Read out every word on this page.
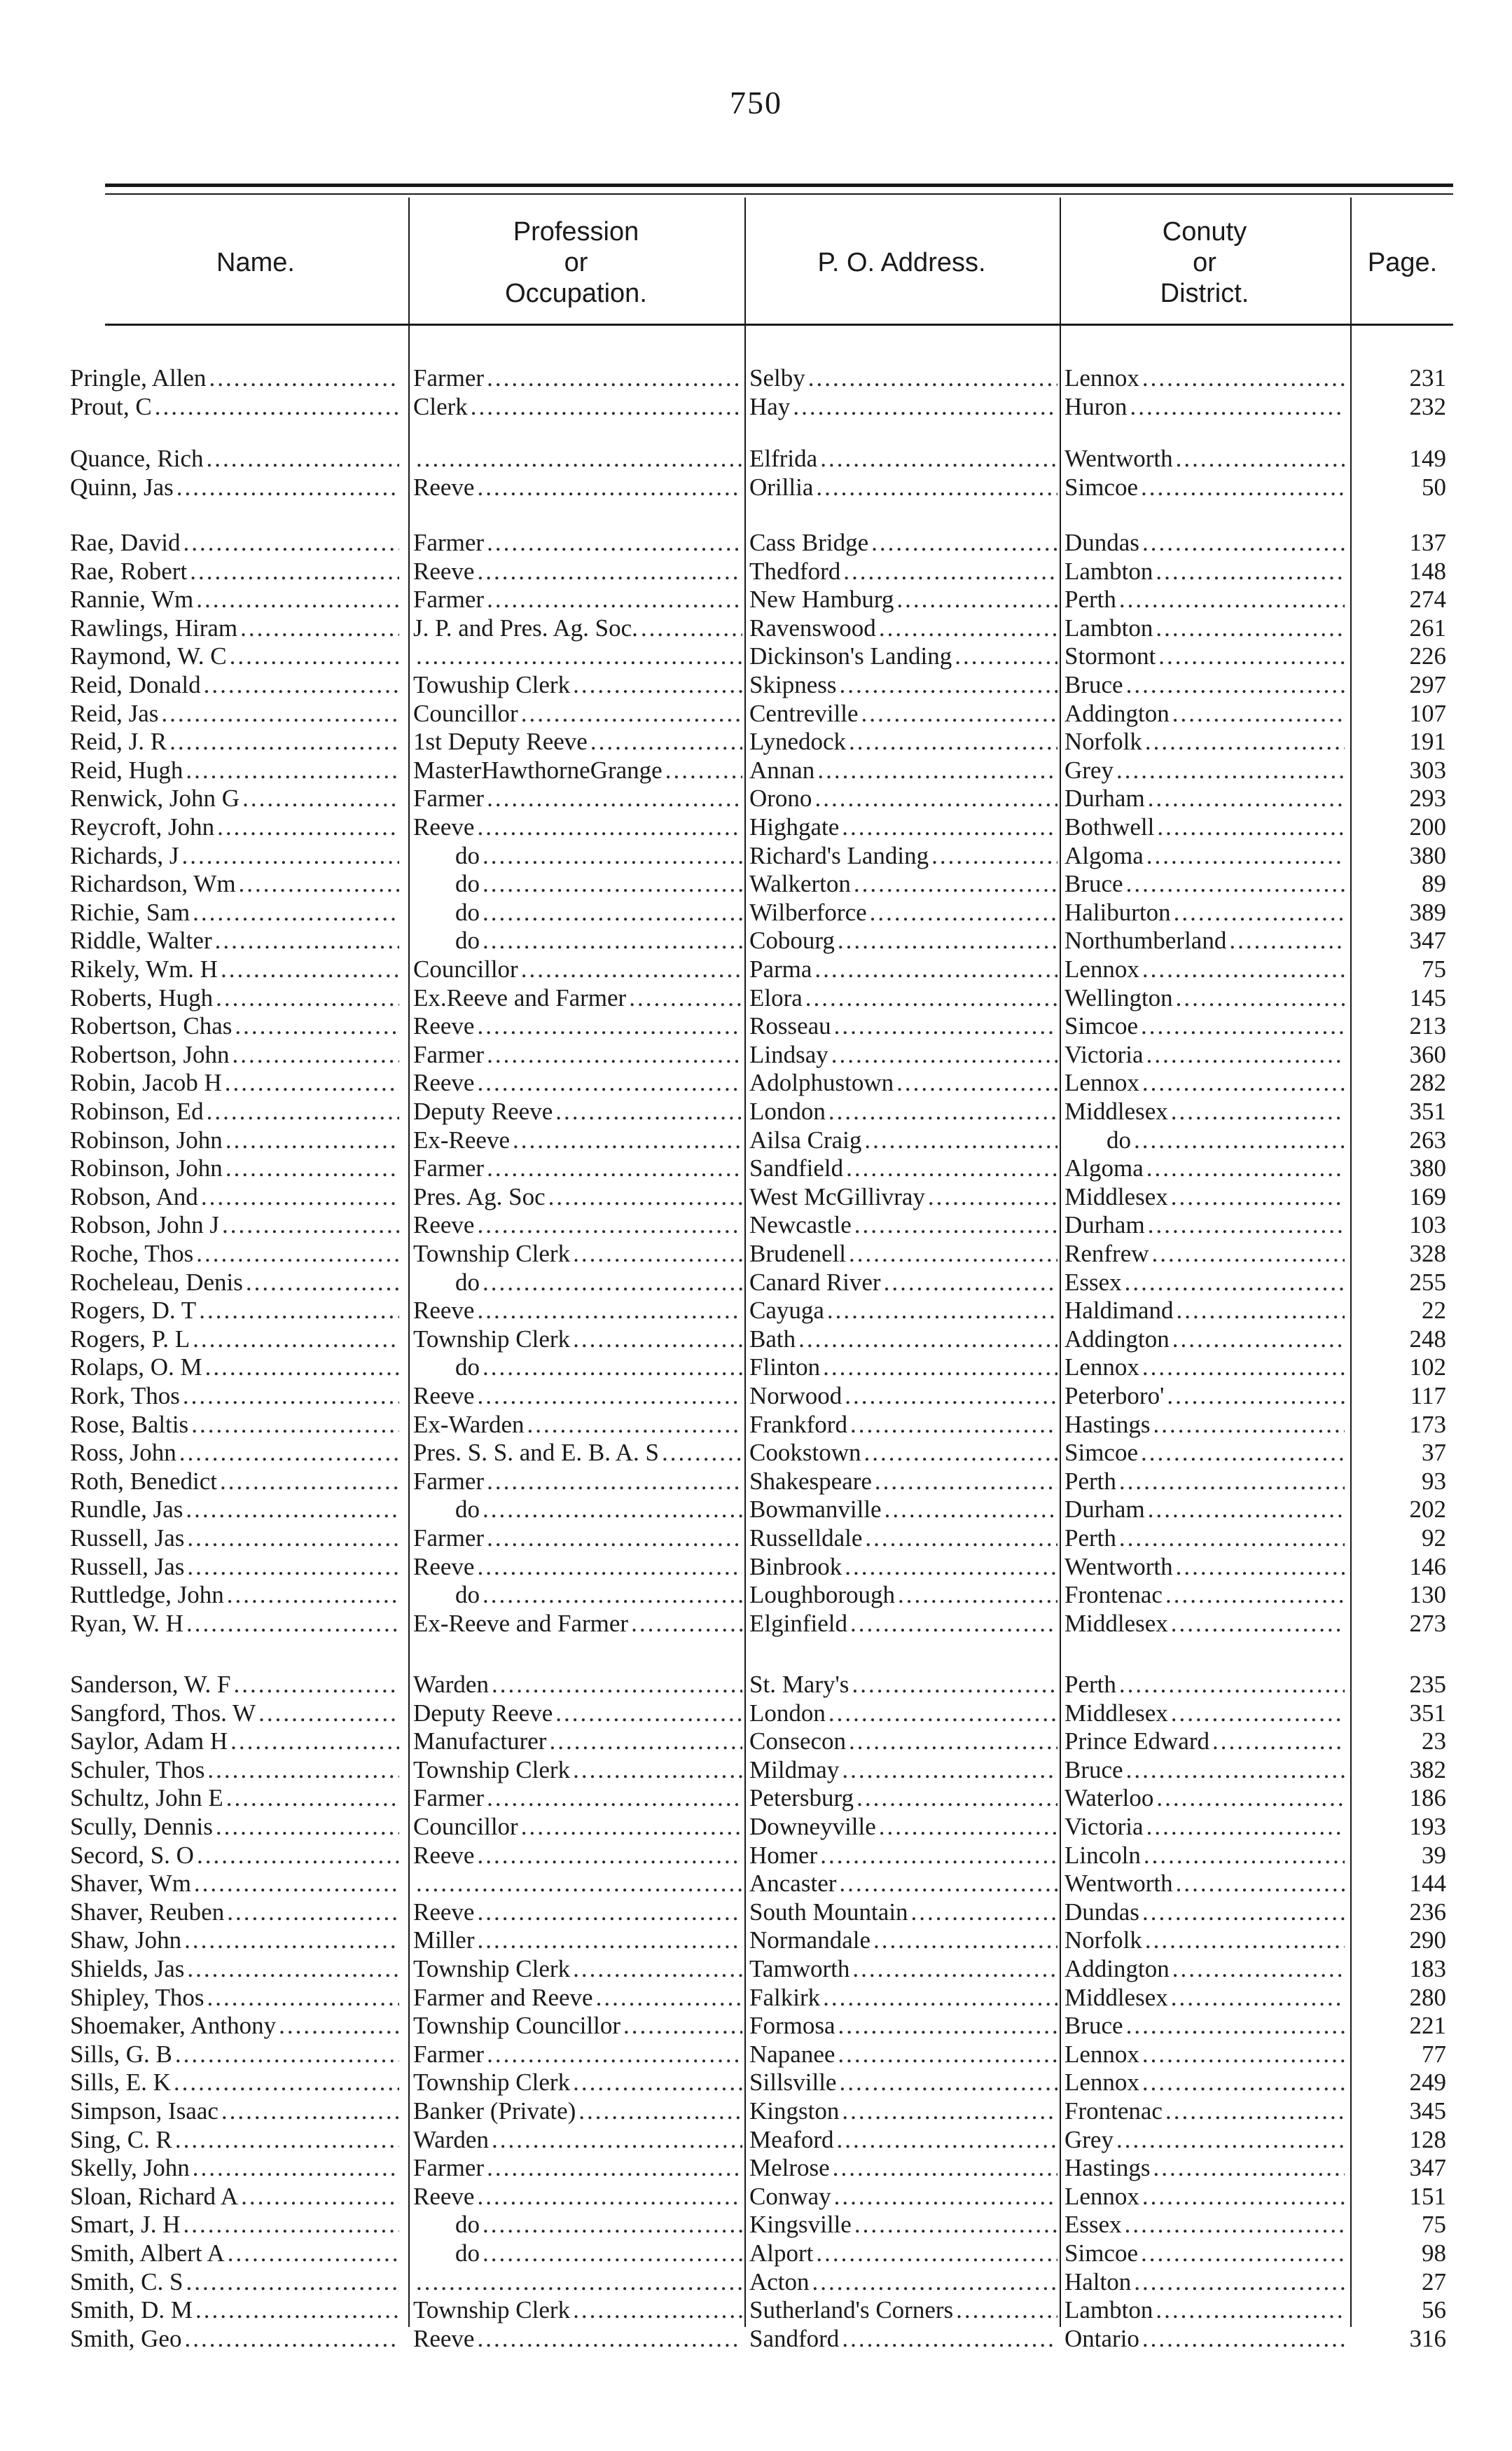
750
Name.
Profession
or
Occupation.
P. O. Address.
Conuty
or
District.
Page.
Pringle, Allen .....	Farmer .....	Selby .....	Lennox .....	231
Prout, C .....	Clerk .....	Hay .....	Huron .....	232
Quance, Rich ..... .....	Elfrida .....	Wentworth .....	149
Quinn, Jas .....	Reeve .....	Orillia .....	Simcoe .....	50
Rae, David .....	Farmer .....	Cass Bridge .....	Dundas .....	137
Rae, Robert .....	Reeve .....	Thedford .....	Lambton .....	148
Rannie, Wm .....	Farmer .....	New Hamburg .....	Perth .....	274
Rawlings, Hiram .....	J. P. and Pres. Ag. Soc. .....	Ravenswood .....	Lambton .....	261
Raymond, W. C ..... .....	Dickinson's Landing .....	Stormont .....	226
Reid, Donald .....	Towuship Clerk .....	Skipness .....	Bruce .....	297
Reid, Jas .....	Councillor .....	Centreville .....	Addington .....	107
Reid, J. R .....	1st Deputy Reeve .....	Lynedock .....	Norfolk .....	191
Reid, Hugh .....	MasterHawthorneGrange .....	Annan .....	Grey .....	303
Renwick, John G .....	Farmer .....	Orono .....	Durham .....	293
Reycroft, John .....	Reeve .....	Highgate .....	Bothwell .....	200
Richards, J .....	do .....	Richard's Landing .....	Algoma .....	380
Richardson, Wm .....	do .....	Walkerton .....	Bruce .....	89
Richie, Sam .....	do .....	Wilberforce .....	Haliburton .....	389
Riddle, Walter .....	do .....	Cobourg .....	Northumberland .....	347
Rikely, Wm. H .....	Councillor .....	Parma .....	Lennox .....	75
Roberts, Hugh .....	Ex.Reeve and Farmer .....	Elora .....	Wellington .....	145
Robertson, Chas .....	Reeve .....	Rosseau .....	Simcoe .....	213
Robertson, John .....	Farmer .....	Lindsay .....	Victoria .....	360
Robin, Jacob H .....	Reeve .....	Adolphustown .....	Lennox .....	282
Robinson, Ed .....	Deputy Reeve .....	London .....	Middlesex .....	351
Robinson, John .....	Ex-Reeve .....	Ailsa Craig .....	do .....	263
Robinson, John .....	Farmer .....	Sandfield .....	Algoma .....	380
Robson, And .....	Pres. Ag. Soc .....	West McGillivray .....	Middlesex .....	169
Robson, John J .....	Reeve .....	Newcastle .....	Durham .....	103
Roche, Thos .....	Township Clerk .....	Brudenell .....	Renfrew .....	328
Rocheleau, Denis .....	do .....	Canard River .....	Essex .....	255
Rogers, D. T .....	Reeve .....	Cayuga .....	Haldimand .....	22
Rogers, P. L .....	Township Clerk .....	Bath .....	Addington .....	248
Rolaps, O. M .....	do .....	Flinton .....	Lennox .....	102
Rork, Thos .....	Reeve .....	Norwood .....	Peterboro' .....	117
Rose, Baltis .....	Ex-Warden .....	Frankford .....	Hastings .....	173
Ross, John .....	Pres. S. S. and E. B. A. S .....	Cookstown .....	Simcoe .....	37
Roth, Benedict .....	Farmer .....	Shakespeare .....	Perth .....	93
Rundle, Jas .....	do .....	Bowmanville .....	Durham .....	202
Russell, Jas .....	Farmer .....	Russelldale .....	Perth .....	92
Russell, Jas .....	Reeve .....	Binbrook .....	Wentworth .....	146
Ruttledge, John .....	do .....	Loughborough .....	Frontenac .....	130
Ryan, W. H .....	Ex-Reeve and Farmer .....	Elginfield .....	Middlesex .....	273
Sanderson, W. F .....	Warden .....	St. Mary's .....	Perth .....	235
Sangford, Thos. W .....	Deputy Reeve .....	London .....	Middlesex .....	351
Saylor, Adam H .....	Manufacturer .....	Consecon .....	Prince Edward .....	23
Schuler, Thos .....	Township Clerk .....	Mildmay .....	Bruce .....	382
Schultz, John E .....	Farmer .....	Petersburg .....	Waterloo .....	186
Scully, Dennis .....	Councillor .....	Downeyville .....	Victoria .....	193
Secord, S. O .....	Reeve .....	Homer .....	Lincoln .....	39
Shaver, Wm ..... .....	Ancaster .....	Wentworth .....	144
Shaver, Reuben .....	Reeve .....	South Mountain .....	Dundas .....	236
Shaw, John .....	Miller .....	Normandale .....	Norfolk .....	290
Shields, Jas .....	Township Clerk .....	Tamworth .....	Addington .....	183
Shipley, Thos .....	Farmer and Reeve .....	Falkirk .....	Middlesex .....	280
Shoemaker, Anthony .....	Township Councillor .....	Formosa .....	Bruce .....	221
Sills, G. B .....	Farmer .....	Napanee .....	Lennox .....	77
Sills, E. K .....	Township Clerk .....	Sillsville .....	Lennox .....	249
Simpson, Isaac .....	Banker (Private) .....	Kingston .....	Frontenac .....	345
Sing, C. R .....	Warden .....	Meaford .....	Grey .....	128
Skelly, John .....	Farmer .....	Melrose .....	Hastings .....	347
Sloan, Richard A .....	Reeve .....	Conway .....	Lennox .....	151
Smart, J. H .....	do .....	Kingsville .....	Essex .....	75
Smith, Albert A .....	do .....	Alport .....	Simcoe .....	98
Smith, C. S ..... .....	Acton .....	Halton .....	27
Smith, D. M .....	Township Clerk .....	Sutherland's Corners .....	Lambton .....	56
Smith, Geo .....	Reeve .....	Sandford .....	Ontario .....	316
